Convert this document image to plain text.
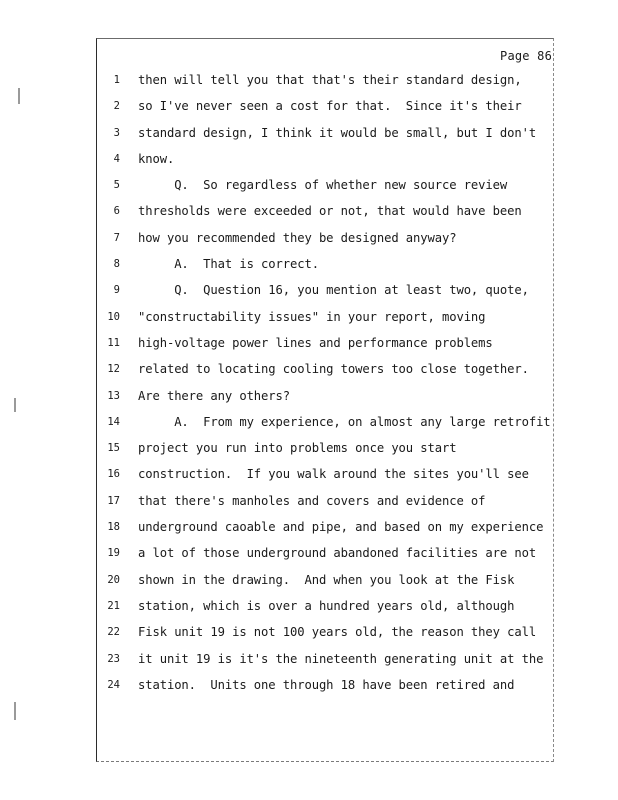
Page 86
1
2
3
4
5
6
7
8
9
10
11
12
13
14
15
16
17
18
19
20
21
22
23
24
then will tell you that that's their standard design,
so I've never seen a cost for that.  Since it's their
standard design, I think it would be small, but I don't
know.
Q.  So regardless of whether new source review
thresholds were exceeded or not, that would have been
how you recommended they be designed anyway?
A.  That is correct.
Q.  Question 16, you mention at least two, quote,
"constructability issues" in your report, moving
high-voltage power lines and performance problems
related to locating cooling towers too close together.
Are there any others?
A.  From my experience, on almost any large retrofit
project you run into problems once you start
construction.  If you walk around the sites you'll see
that there's manholes and covers and evidence of
underground caoable and pipe, and based on my experience
a lot of those underground abandoned facilities are not
shown in the drawing.  And when you look at the Fisk
station, which is over a hundred years old, although
Fisk unit 19 is not 100 years old, the reason they call
it unit 19 is it's the nineteenth generating unit at the
station.  Units one through 18 have been retired and
